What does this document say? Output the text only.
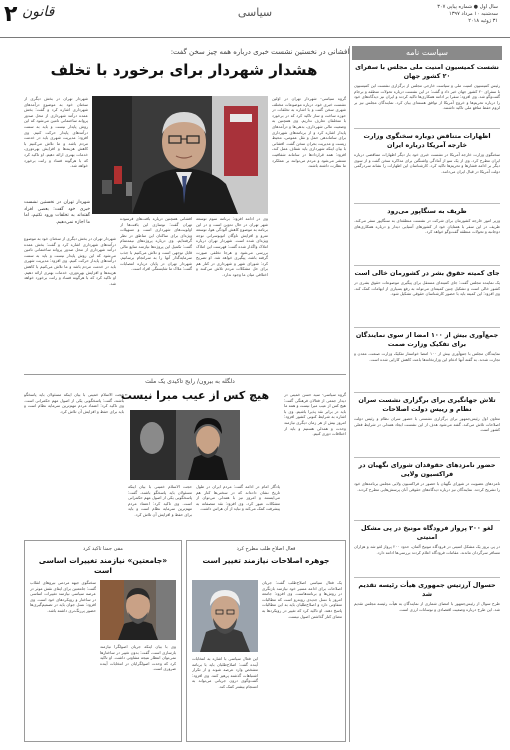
سال اول ● شماره پیاپی ۳۰۷
سه‌شنبه ۱۰ مرداد ۱۳۹۷
۳۱ ژوئیه ۲۰۱۸
سیاسی
قانون
۲
سیاست نامه
نشست کمیسیون امنیت ملی مجلس با سفرای ۲۰ کشور جهان
رئیس کمیسیون امنیت ملی و سیاست خارجی مجلس از برگزاری نشست این کمیسیون با سفرای ۲۰ کشور جهان خبر داد و گفت: در این نشست درباره تحولات منطقه و برجام گفت‌وگو شد. وی افزود: سفرا بر ادامه همکاری‌ها تاکید کردند و ایران نیز دیدگاه‌های خود را درباره تحریم‌ها و خروج آمریکا از توافق هسته‌ای بیان کرد. نمایندگان مجلس نیز بر لزوم حفظ منافع ملی تاکید داشتند.
اظهارات متناقض دوباره سخنگوی وزارت خارجه آمریکا درباره ایران
سخنگوی وزارت خارجه آمریکا در نشست خبری خود بار دیگر اظهارات متناقضی درباره ایران مطرح کرد. وی از یک سو از آمادگی واشنگتن برای مذاکره سخن گفت و از سوی دیگر بر ادامه فشارها و تحریم‌ها تاکید کرد. کارشناسان این اظهارات را نشانه سردرگمی دولت آمریکا در قبال ایران می‌دانند.
ظریف به سنگاپور می‌رود
وزیر امور خارجه کشورمان برای شرکت در نشست منطقه‌ای به سنگاپور سفر می‌کند. ظریف در این سفر با همتایان خود از کشورهای آسیایی دیدار و درباره همکاری‌های دوجانبه و تحولات منطقه گفت‌وگو خواهد کرد.
جای کمیته حقوق بشر در کشورمان خالی است
یک نماینده مجلس گفت: جای کمیته‌ای مستقل برای پیگیری موضوعات حقوق بشری در کشور خالی است و تشکیل چنین کمیته‌ای می‌تواند به رفع بسیاری از ابهامات کمک کند. وی افزود: این کمیته باید با حضور کارشناسان حقوقی تشکیل شود.
جمع‌آوری بیش از ۱۰۰ امضا از سوی نمایندگان برای تفکیک وزارت صمت
نمایندگان مجلس با جمع‌آوری بیش از ۱۰۰ امضا خواستار تفکیک وزارت صنعت، معدن و تجارت شدند. به گفته آنها ادغام این وزارتخانه‌ها باعث کاهش کارایی شده است.
تلاش جهانگیری برای برگزاری نشست سران نظام و رییس دولت اصلاحات
معاون اول رئیس‌جمهور برای برگزاری نشستی با حضور سران نظام و رئیس دولت اصلاحات تلاش می‌کند. گفته می‌شود هدف از این نشست ایجاد همدلی در شرایط فعلی کشور است.
حضور نامزدهای حقوقدان شورای نگهبان در فراکسیون ولایی
نامزدهای عضویت در شورای نگهبان با حضور در فراکسیون ولایی مجلس برنامه‌های خود را تشریح کردند. نمایندگان نیز درباره دیدگاه‌های حقوقی آنان پرسش‌هایی مطرح کردند.
لغو ۲۰۰ پرواز فرودگاه مونیخ در پی مشکل امنیتی
در پی بروز یک مشکل امنیتی در فرودگاه مونیخ آلمان، حدود ۲۰۰ پرواز لغو شد و هزاران مسافر سرگردان ماندند. مقامات فرودگاه اعلام کردند بررسی‌ها ادامه دارد.
حسوال آرزتیس جمهوری هیأت رئیسه تقدیم شد
طرح سوال از رئیس‌جمهور با امضای شماری از نمایندگان به هیأت رئیسه مجلس تقدیم شد. این طرح درباره وضعیت اقتصادی و نوسانات ارزی است.
افشانی در نخستین نشست خبری درباره همه چیز سخن گفت:
هشدار شهردار برای برخورد با تخلف
شهردار تهران در نخستین نشست خبری خود گفت: بعضی افراد گفته‌اند به تخلفات ورود نکنیم، اما ما اجازه نمی‌دهیم.
گروه سیاسی- شهردار تهران در اولین نشست خبری خود، درباره موضوعات مختلف شهری سخن گفت و با اشاره به تخلفات در حوزه ساخت و ساز تاکید کرد که در برخورد با متخلفان تعارف نداریم. وی همچنین به وضعیت مالی شهرداری، بدهی‌ها و درآمدهای پایدار اشاره کرد و از برنامه‌های شهرداری برای ساماندهی حمل و نقل عمومی، محیط زیست و مدیریت بحران سخن گفت. افشانی با بیان اینکه شهرداری باید شفاف عمل کند، افزود: همه قراردادها در سامانه شفافیت منتشر می‌شود و مردم می‌توانند بر عملکرد ما نظارت داشته باشند.
وی در ادامه افزود: برنامه سوم توسعه شهر تهران در حال تدوین است و در این برنامه به موضوع کاهش آلودگی هوا، توسعه مترو و افزایش ناوگان اتوبوسرانی توجه ویژه‌ای شده است. شهردار تهران درباره املاک واگذار شده گفت: فهرست این املاک بررسی می‌شود و هرجا تخلفی صورت گرفته باشد، پیگیری خواهد شد. او تصریح کرد: شورای شهر و شهرداری در کنار هم برای حل مشکلات مردم تلاش می‌کنند و اختلافی میان ما وجود ندارد.
افشانی همچنین درباره بافت‌های فرسوده تهران گفت: نوسازی این بافت‌ها از اولویت‌های شهرداری است و تسهیلات ویژه‌ای برای ساکنان این مناطق در نظر گرفته‌ایم. وی درباره پروژه‌های نیمه‌تمام گفت: تکمیل این پروژه‌ها نیازمند منابع مالی قابل توجهی است و تلاش می‌کنیم با جذب سرمایه‌گذار آنها را به سرانجام برسانیم. شهردار تهران در پایان درباره انتصابات گفت: ملاک ما شایستگی افراد است.
شهردار تهران در بخش دیگری از سخنان خود به موضوع درآمدهای شهرداری اشاره کرد و گفت: بخش عمده درآمد شهرداری از محل صدور پروانه ساختمانی تامین می‌شود که این روش پایدار نیست و باید به سمت درآمدهای پایدار حرکت کنیم. وی افزود: مدیریت شهری باید در خدمت مردم باشد و ما تلاش می‌کنیم با کاهش هزینه‌ها و افزایش بهره‌وری، خدمات بهتری ارائه دهیم. او تاکید کرد که با هرگونه فساد و رانت برخورد خواهد شد.
شهردار تهران در بخش دیگری از سخنان خود به موضوع درآمدهای شهرداری اشاره کرد و گفت: بخش عمده درآمد شهرداری از محل صدور پروانه ساختمانی تامین می‌شود که این روش پایدار نیست و باید به سمت درآمدهای پایدار حرکت کنیم. وی افزود: مدیریت شهری باید در خدمت مردم باشد و ما تلاش می‌کنیم با کاهش هزینه‌ها و افزایش بهره‌وری، خدمات بهتری ارائه دهیم. او تاکید کرد که با هرگونه فساد و رانت برخورد خواهد شد.
دلگله به بیرون/ رایج تاکیدی یک ملت
هیچ کس از عیب مبرا نیست	گروه سیاسی- سید حسن خمینی در دیدار جمعی از فعالان فرهنگی گفت: هیچ کس از عیب مبرا نیست و همه ما باید در برابر نقد پذیرا باشیم. وی با اشاره به شرایط کنونی کشور افزود: امروز بیش از هر زمان دیگری نیازمند وحدت و همدلی هستیم و باید از اختلافات دوری کنیم.
یادگار امام در ادامه گفت: مردم ایران در طول تاریخ نشان داده‌اند که در سختی‌ها کنار هم می‌ایستند و امروز نیز با همدلی می‌توان از مشکلات عبور کرد. وی افزود: نقد منصفانه به پیشرفت کمک می‌کند و نباید از آن هراس داشت.
حجت الاسلام خمینی با بیان اینکه مسئولان باید پاسخگو باشند، گفت: پاسخگویی یکی از اصول مهم حکمرانی است. وی تاکید کرد: اعتماد مردم مهم‌ترین سرمایه نظام است و باید برای حفظ و افزایش آن تلاش کرد.
حجت الاسلام خمینی با بیان اینکه مسئولان باید پاسخگو باشند، گفت: پاسخگویی یکی از اصول مهم حکمرانی است. وی تاکید کرد: اعتماد مردم مهم‌ترین سرمایه نظام است و باید برای حفظ و افزایش آن تلاش کرد.
فعال اصلاح طلب مطرح کرد
جوهره اصلاحات نیازمند تغییر است
یک فعال سیاسی اصلاح‌طلب گفت: جریان اصلاحات برای ادامه مسیر خود نیازمند بازنگری در روش‌ها و برنامه‌هاست. وی افزود: جامعه امروز با نسل جدیدی روبه‌رو است که مطالبات متفاوتی دارد و اصلاح‌طلبان باید به این مطالبات پاسخ دهند. او تاکید کرد که تغییر در رویکردها به معنای کنار گذاشتن اصول نیست.
این فعال سیاسی با اشاره به انتخابات آینده گفت: اصلاح‌طلبان باید با برنامه مشخص وارد عرصه شوند و از تکرار اشتباهات گذشته پرهیز کنند. وی افزود: گفت‌وگوی درون جریانی می‌تواند به انسجام بیشتر کمک کند.
مفی جمنا تاکید کرد
«جامعتین» نیازمند تغییرات اساسی است
سخنگوی جبهه مردمی نیروهای انقلاب گفت: جامعتین برای ایفای نقش موثر در عرصه سیاسی نیازمند تغییرات اساسی در ساختار و رویکردهای خود است. وی افزود: نسل جوان باید در تصمیم‌گیری‌ها حضور پررنگ‌تری داشته باشد.
وی با بیان اینکه جریان اصولگرا نیازمند بازسازی است، گفت: بدون تغییر در ساختارها نمی‌توان انتظار نتیجه متفاوتی داشت. او تاکید کرد که وحدت اصولگرایان در انتخابات آینده ضروری است.
